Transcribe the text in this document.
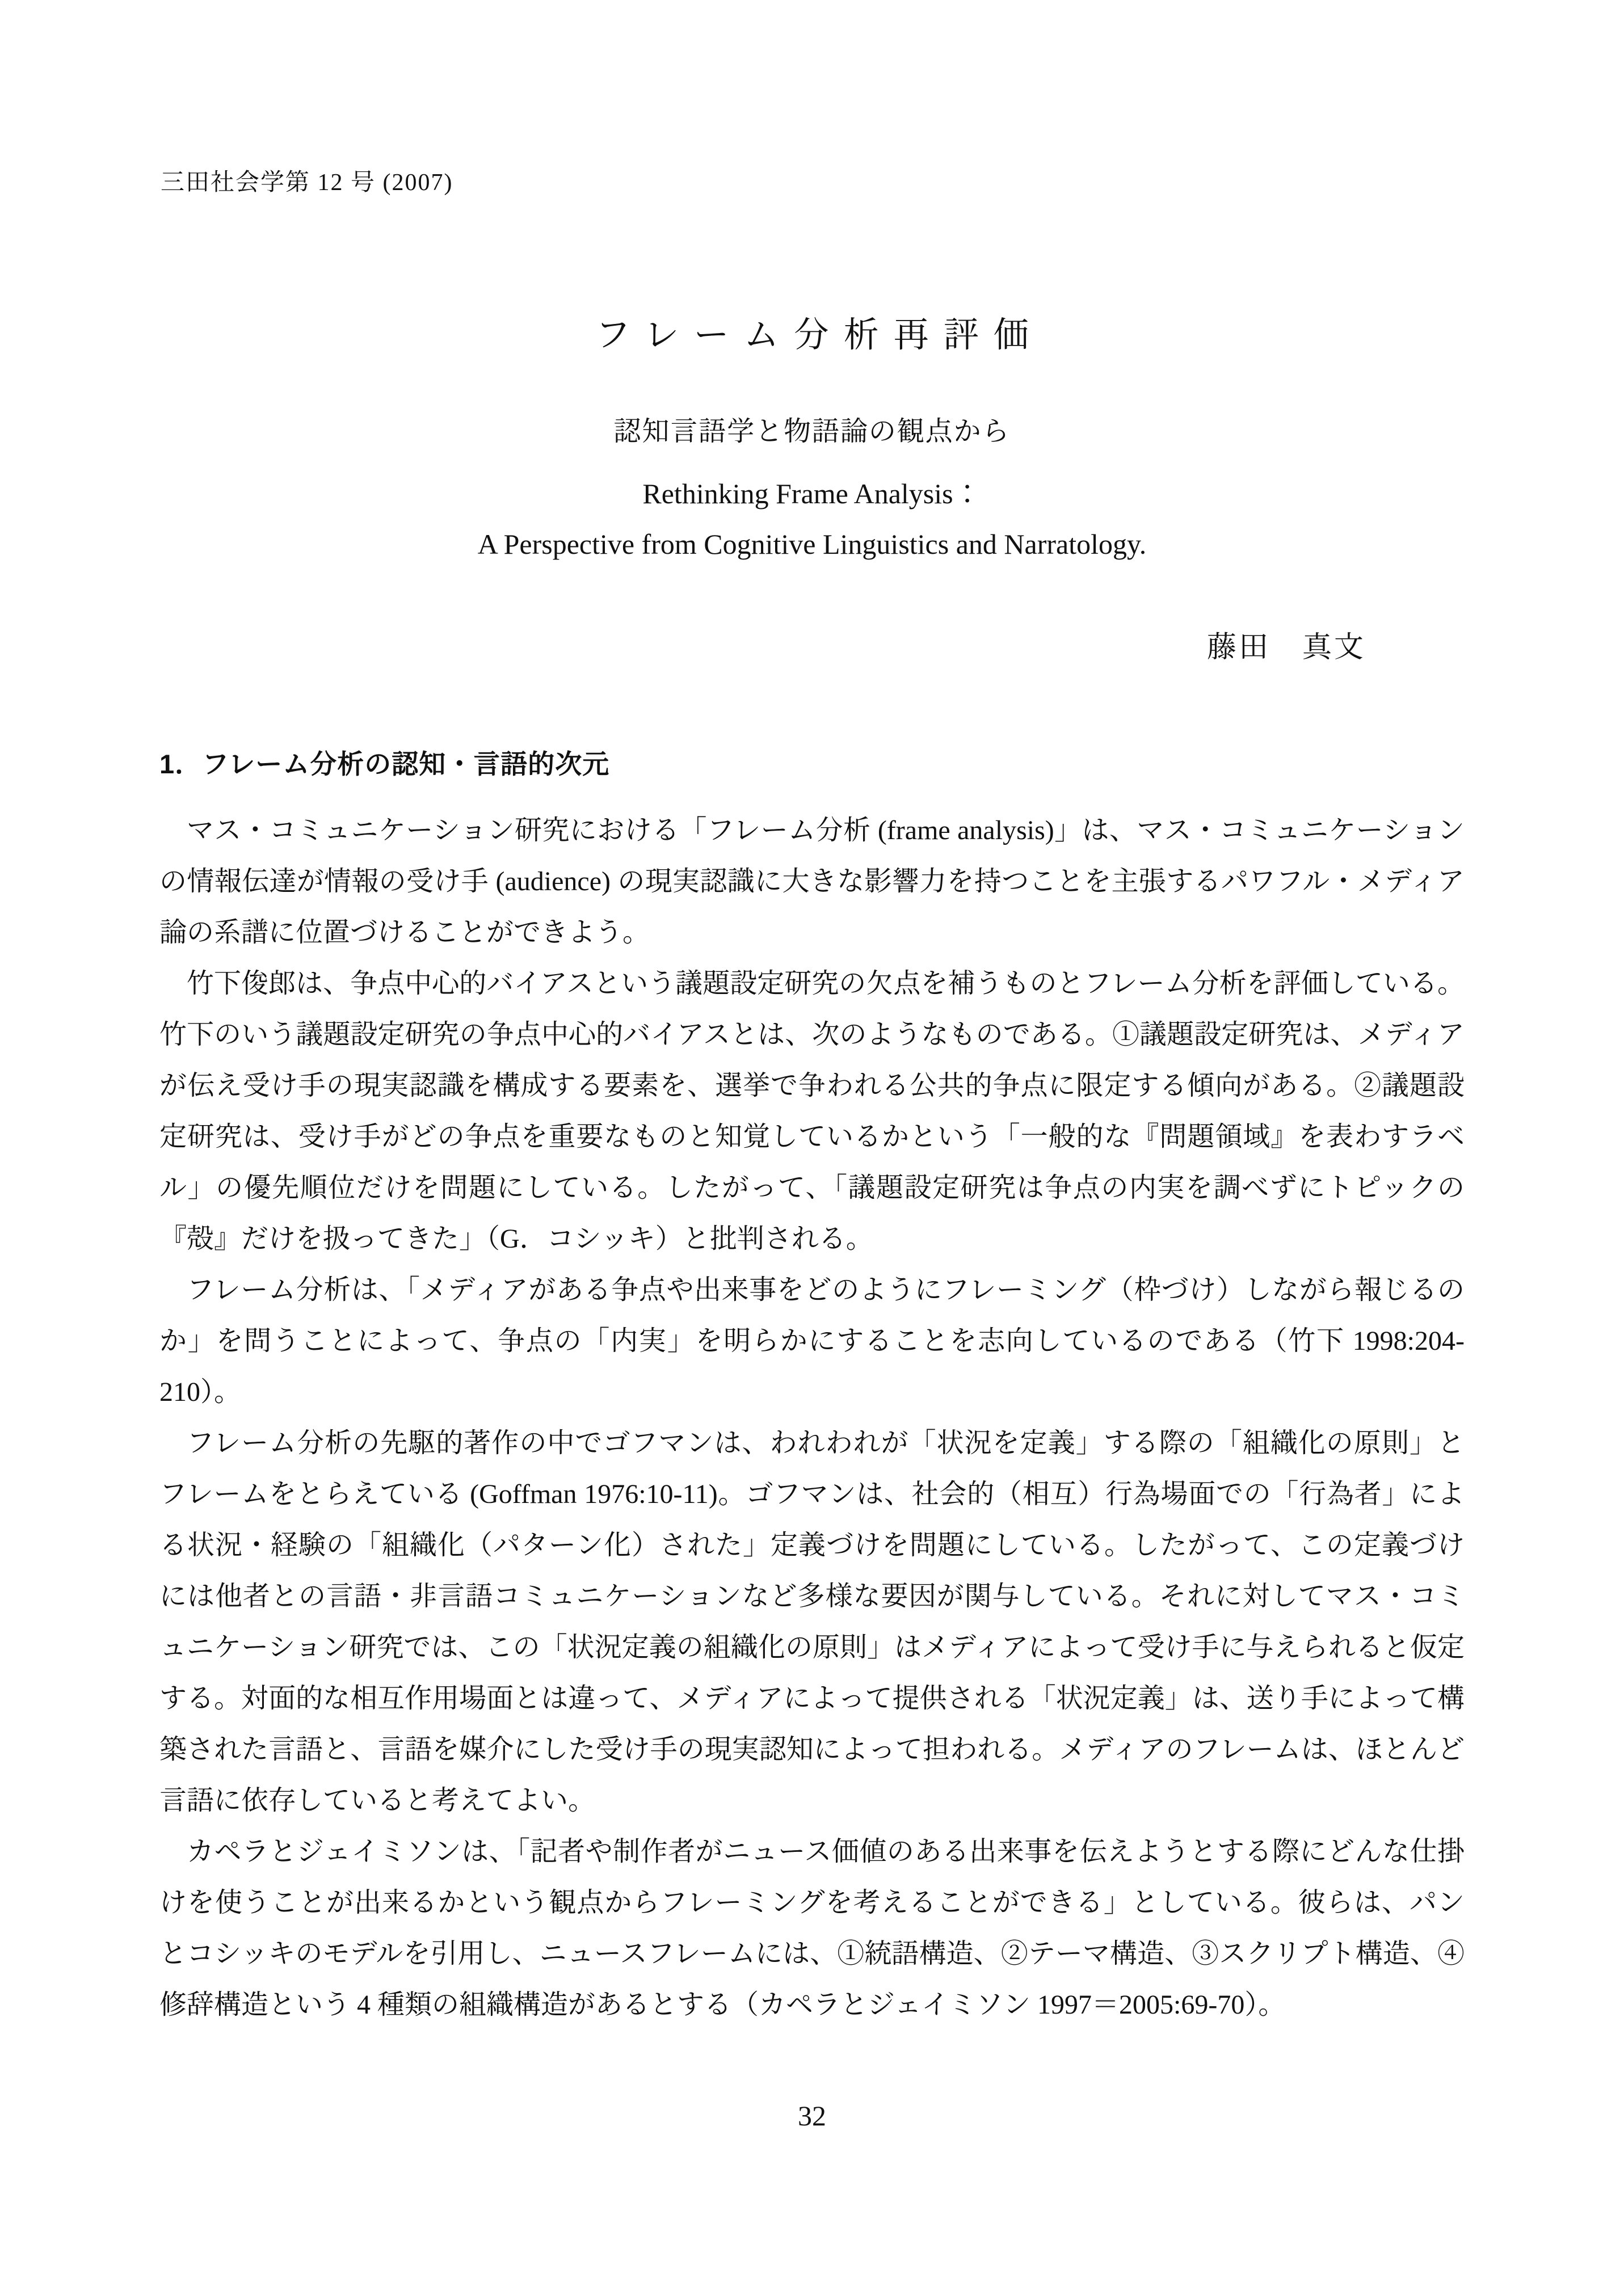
三田社会学第 12 号 (2007)
フレーム分析再評価
認知言語学と物語論の観点から
Rethinking Frame Analysis：
A Perspective from Cognitive Linguistics and Narratology.
藤田　真文
1．フレーム分析の認知・言語的次元

マス・コミュニケーション研究における「フレーム分析 (frame analysis)」は、マス・コミュニケーションの情報伝達が情報の受け手 (audience) の現実認識に大きな影響力を持つことを主張するパワフル・メディア論の系譜に位置づけることができよう。

竹下俊郎は、争点中心的バイアスという議題設定研究の欠点を補うものとフレーム分析を評価している。竹下のいう議題設定研究の争点中心的バイアスとは、次のようなものである。①議題設定研究は、メディアが伝え受け手の現実認識を構成する要素を、選挙で争われる公共的争点に限定する傾向がある。②議題設定研究は、受け手がどの争点を重要なものと知覚しているかという「一般的な『問題領域』を表わすラベル」の優先順位だけを問題にしている。したがって、「議題設定研究は争点の内実を調べずにトピックの『殻』だけを扱ってきた」（G．コシッキ）と批判される。

フレーム分析は、「メディアがある争点や出来事をどのようにフレーミング（枠づけ）しながら報じるのか」を問うことによって、争点の「内実」を明らかにすることを志向しているのである（竹下 1998:204-210）。

フレーム分析の先駆的著作の中でゴフマンは、われわれが「状況を定義」する際の「組織化の原則」とフレームをとらえている (Goffman 1976:10-11)。ゴフマンは、社会的（相互）行為場面での「行為者」による状況・経験の「組織化（パターン化）された」定義づけを問題にしている。したがって、この定義づけには他者との言語・非言語コミュニケーションなど多様な要因が関与している。それに対してマス・コミュニケーション研究では、この「状況定義の組織化の原則」はメディアによって受け手に与えられると仮定する。対面的な相互作用場面とは違って、メディアによって提供される「状況定義」は、送り手によって構築された言語と、言語を媒介にした受け手の現実認知によって担われる。メディアのフレームは、ほとんど言語に依存していると考えてよい。

カペラとジェイミソンは、「記者や制作者がニュース価値のある出来事を伝えようとする際にどんな仕掛けを使うことが出来るかという観点からフレーミングを考えることができる」としている。彼らは、パンとコシッキのモデルを引用し、ニュースフレームには、①統語構造、②テーマ構造、③スクリプト構造、④修辞構造という 4 種類の組織構造があるとする（カペラとジェイミソン 1997＝2005:69-70）。

32
